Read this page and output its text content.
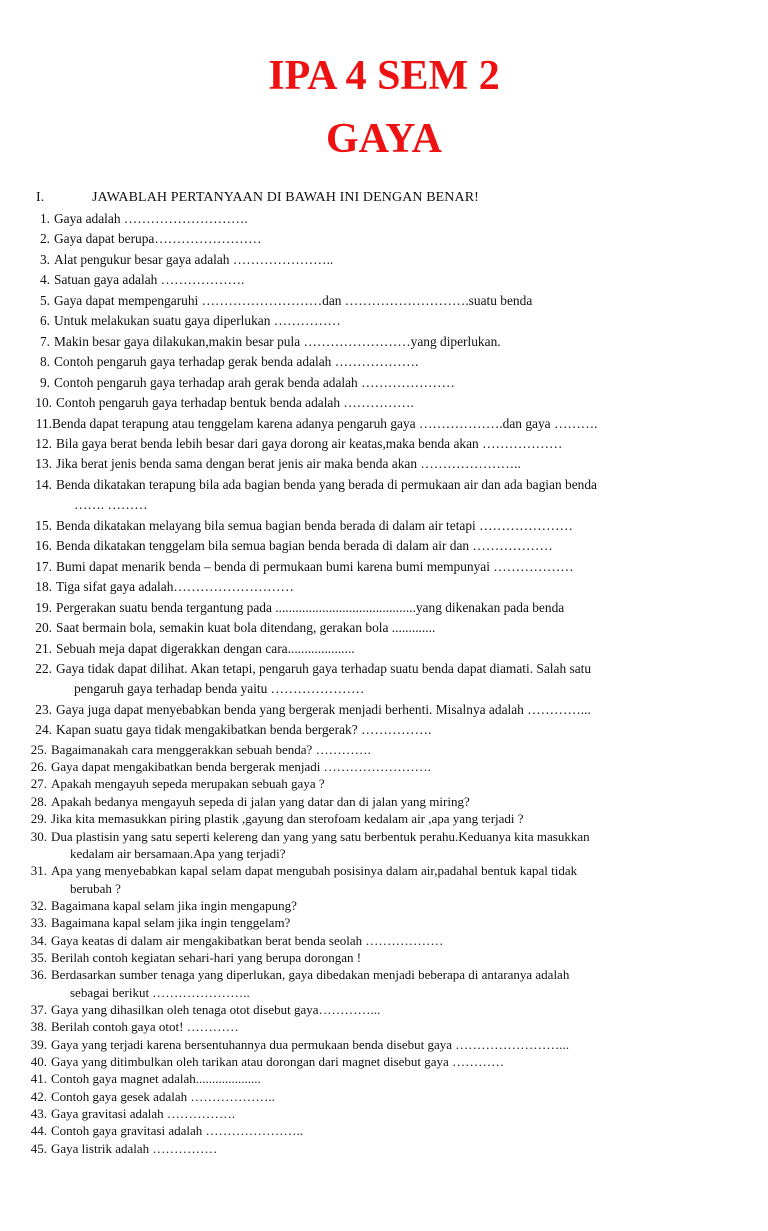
IPA 4 SEM 2
GAYA
I.	JAWABLAH PERTANYAAN DI BAWAH INI DENGAN BENAR!
1. Gaya adalah ……………………….
2. Gaya dapat berupa……………………
3. Alat pengukur besar gaya adalah …………………..
4. Satuan gaya adalah ……………….
5. Gaya dapat mempengaruhi ………………………dan ……………………….suatu benda
6. Untuk melakukan suatu gaya diperlukan ……………
7. Makin besar gaya dilakukan,makin besar pula ……………………yang diperlukan.
8. Contoh pengaruh gaya terhadap gerak benda adalah ……………….
9. Contoh pengaruh gaya terhadap arah gerak benda adalah …………………
10. Contoh pengaruh gaya terhadap bentuk benda adalah …………….
11.Benda dapat terapung atau tenggelam karena adanya pengaruh gaya ……………….dan gaya ……….
12. Bila gaya berat benda lebih besar dari gaya dorong air keatas,maka benda akan ………………
13. Jika berat jenis benda sama dengan berat jenis air maka benda akan …………………..
14. Benda dikatakan terapung bila ada bagian benda yang berada di permukaan air dan ada bagian benda
……. ………
15. Benda dikatakan melayang bila semua bagian benda berada di dalam air tetapi …………………
16. Benda dikatakan tenggelam bila semua bagian benda berada di dalam air dan ………………
17. Bumi dapat menarik benda – benda di permukaan bumi karena bumi mempunyai ………………
18. Tiga sifat gaya adalah………………………
19. Pergerakan suatu benda tergantung pada ..........................................yang dikenakan pada benda
20. Saat bermain bola, semakin kuat bola ditendang, gerakan bola .............
21. Sebuah meja dapat digerakkan dengan cara....................
22. Gaya tidak dapat dilihat. Akan tetapi, pengaruh gaya terhadap suatu benda dapat diamati. Salah satu
pengaruh gaya terhadap benda yaitu …………………
23. Gaya juga dapat menyebabkan benda yang bergerak menjadi berhenti. Misalnya adalah …………...
24. Kapan suatu gaya tidak mengakibatkan benda bergerak? …………….
25. Bagaimanakah cara menggerakkan sebuah benda? ………….
26. Gaya dapat mengakibatkan benda bergerak menjadi …………………….
27. Apakah mengayuh sepeda merupakan sebuah gaya ?
28. Apakah bedanya mengayuh sepeda di jalan yang datar dan di jalan yang miring?
29. Jika kita memasukkan piring plastik ,gayung dan sterofoam kedalam air ,apa yang terjadi ?
30. Dua plastisin yang satu seperti kelereng dan yang yang satu berbentuk perahu.Keduanya kita masukkan
kedalam air bersamaan.Apa yang terjadi?
31. Apa yang menyebabkan kapal selam dapat mengubah posisinya dalam air,padahal bentuk kapal tidak
berubah ?
32. Bagaimana kapal selam jika ingin mengapung?
33. Bagaimana kapal selam jika ingin tenggelam?
34. Gaya keatas di dalam air mengakibatkan berat benda seolah ………………
35. Berilah contoh kegiatan sehari-hari yang berupa dorongan !
36. Berdasarkan sumber tenaga yang diperlukan, gaya dibedakan menjadi beberapa di antaranya adalah
sebagai berikut …………………..
37. Gaya yang dihasilkan oleh tenaga otot disebut gaya…………...
38. Berilah contoh gaya otot! …………
39. Gaya yang terjadi karena bersentuhannya dua permukaan benda disebut gaya ……………………...
40. Gaya yang ditimbulkan oleh tarikan atau dorongan dari magnet disebut gaya …………
41. Contoh gaya magnet adalah....................
42. Contoh gaya gesek adalah ………………..
43. Gaya gravitasi adalah …………….
44. Contoh gaya gravitasi adalah …………………..
45. Gaya listrik adalah ……………
